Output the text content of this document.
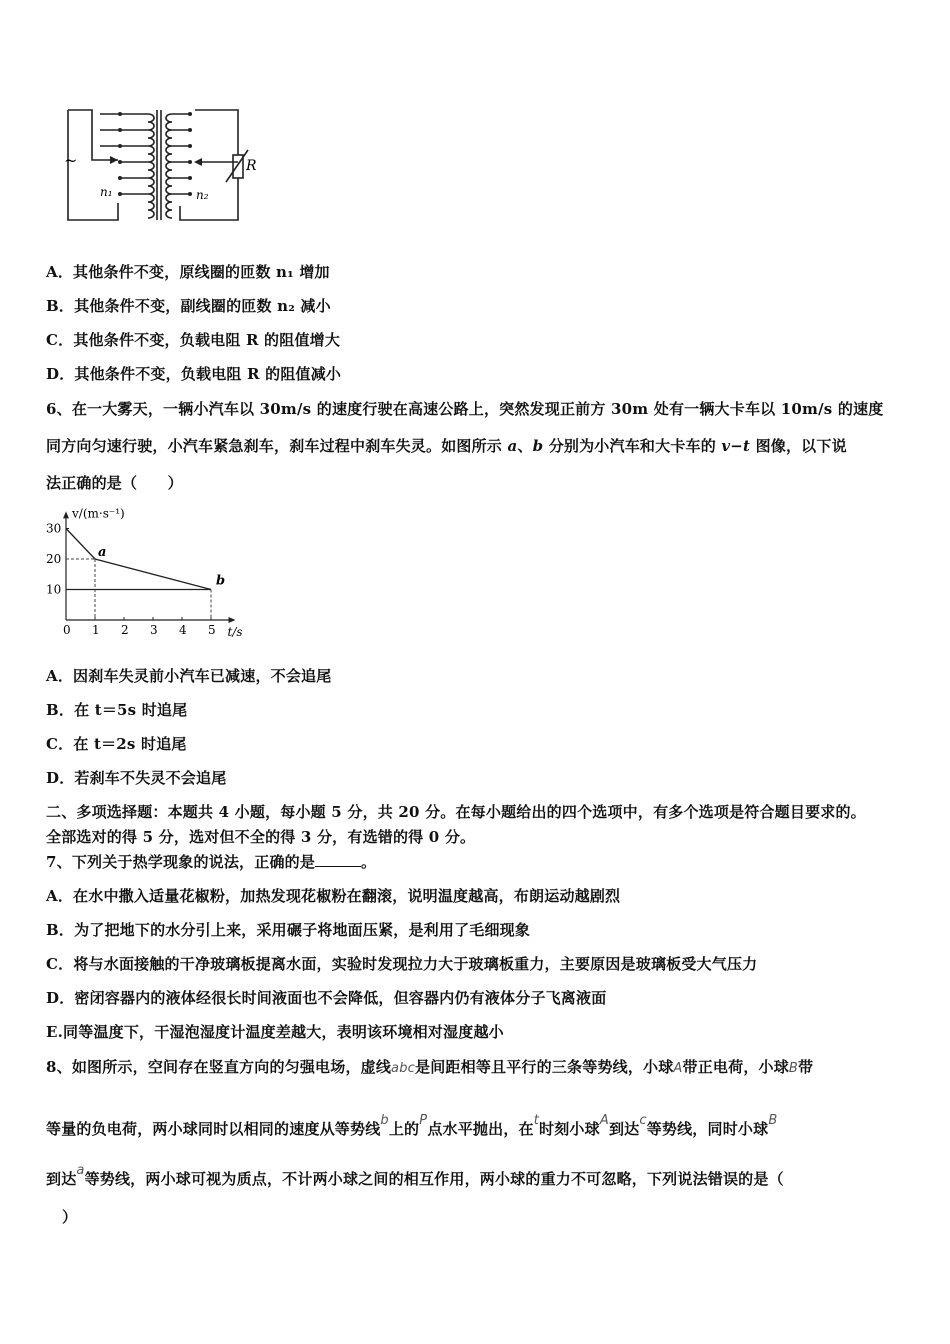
~
n₁	n₂
R
A．其他条件不变，原线圈的匝数 n₁ 增加
B．其他条件不变，副线圈的匝数 n₂ 减小
C．其他条件不变，负载电阻 R 的阻值增大
D．其他条件不变，负载电阻 R 的阻值减小
6、在一大雾天，一辆小汽车以 30m/s 的速度行驶在高速公路上，突然发现正前方 30m 处有一辆大卡车以 10m/s 的速度
同方向匀速行驶，小汽车紧急刹车，刹车过程中刹车失灵。如图所示 a、b 分别为小汽车和大卡车的 v−t 图像，以下说
法正确的是（　　）
0 1 2 3 4 5
10
20
30
a
b
v/(m·s⁻¹)
t/s
A．因刹车失灵前小汽车已减速，不会追尾
B．在 t＝5s 时追尾
C．在 t＝2s 时追尾
D．若刹车不失灵不会追尾
二、多项选择题：本题共 4 小题，每小题 5 分，共 20 分。在每小题给出的四个选项中，有多个选项是符合题目要求的。
全部选对的得 5 分，选对但不全的得 3 分，有选错的得 0 分。
7、下列关于热学现象的说法，正确的是	。
A．在水中撒入适量花椒粉，加热发现花椒粉在翻滚，说明温度越高，布朗运动越剧烈
B．为了把地下的水分引上来，采用碾子将地面压紧，是利用了毛细现象
C．将与水面接触的干净玻璃板提离水面，实验时发现拉力大于玻璃板重力，主要原因是玻璃板受大气压力
D．密闭容器内的液体经很长时间液面也不会降低，但容器内仍有液体分子飞离液面
E.同等温度下，干湿泡湿度计温度差越大，表明该环境相对湿度越小
8、如图所示，空间存在竖直方向的匀强电场，虚线abc是间距相等且平行的三条等势线，小球A带正电荷，小球B带
等量的负电荷，两小球同时以相同的速度从等势线b上的P点水平抛出，在t时刻小球A到达c等势线，同时小球B
到达a等势线，两小球可视为质点，不计两小球之间的相互作用，两小球的重力不可忽略，下列说法错误的是（
）
